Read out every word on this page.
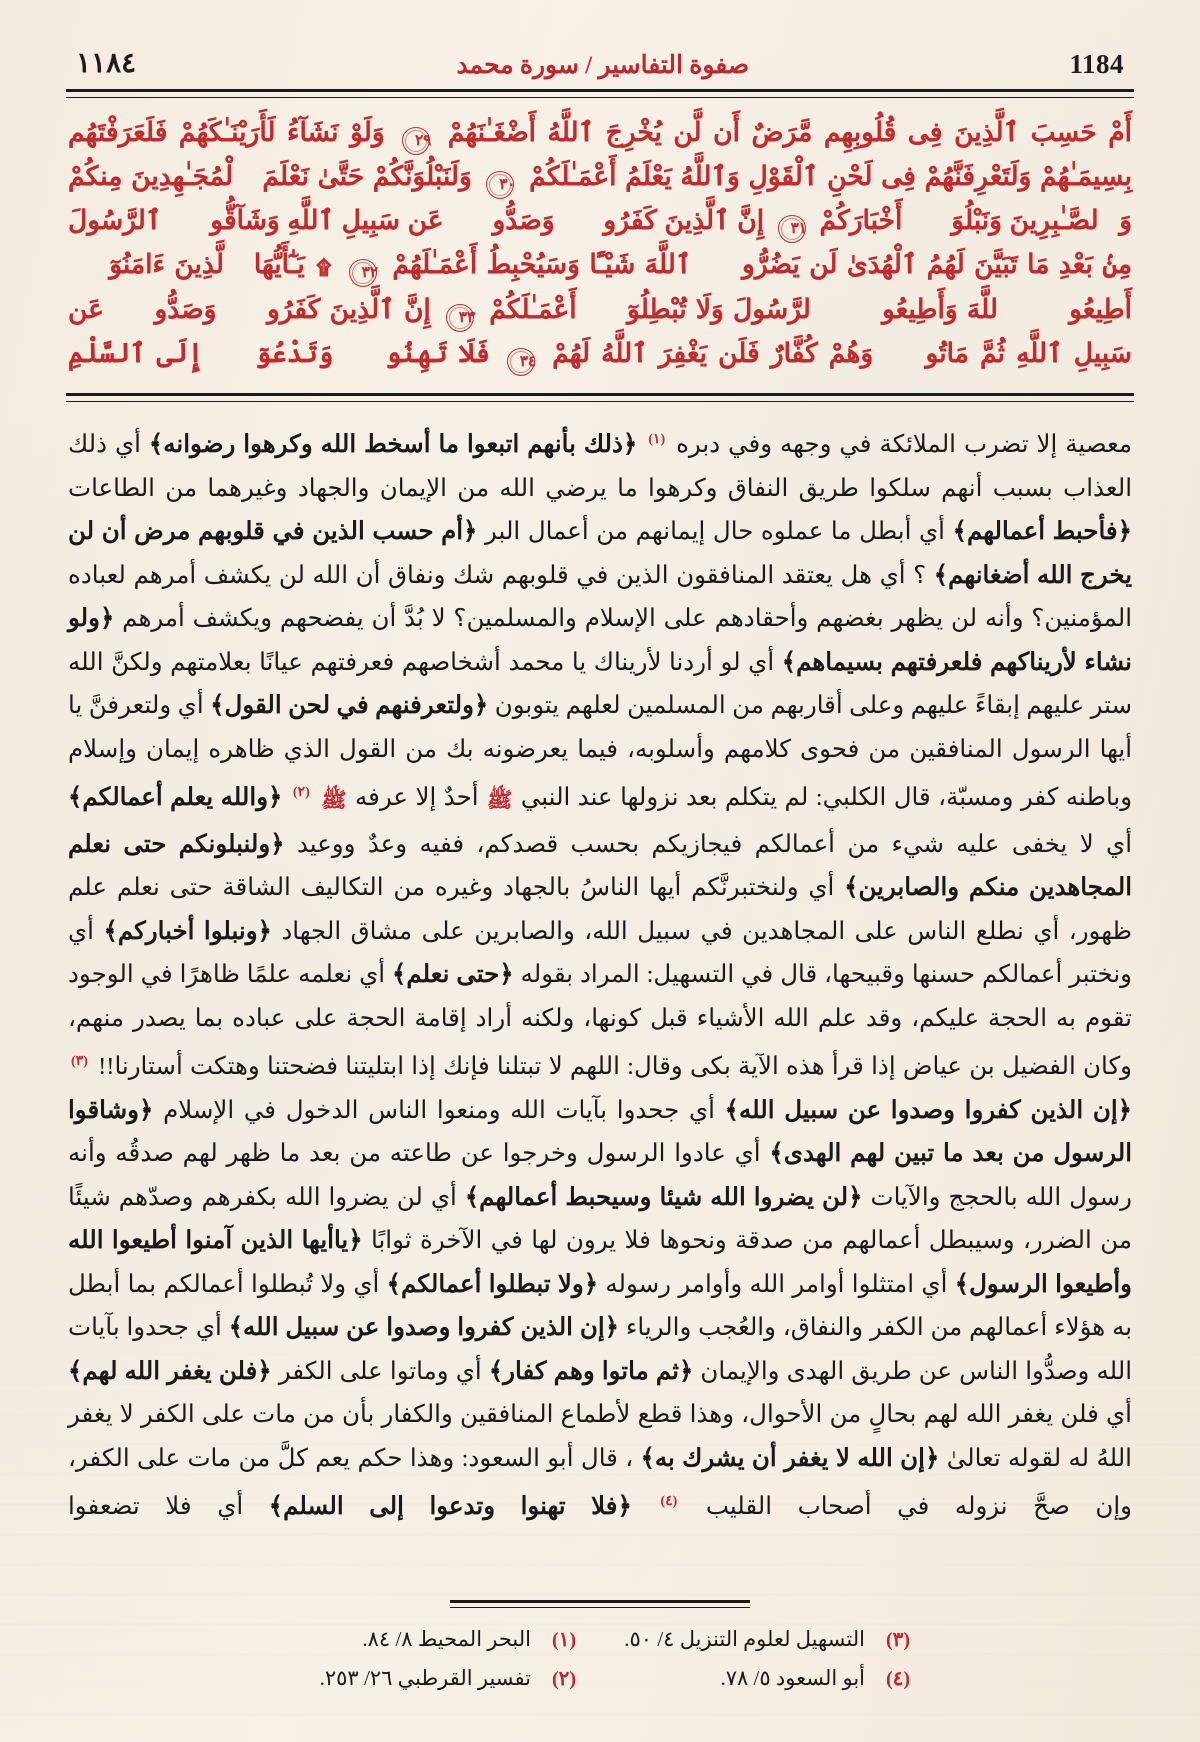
1184
صفوة التفاسير / سورة محمد
١١٨٤

أَمْ حَسِبَ ٱلَّذِينَ فِى قُلُوبِهِم مَّرَضٌ أَن لَّن يُخْرِجَ ٱللَّهُ أَضْغَـٰنَهُمْ ٢٩ وَلَوْ نَشَآءُ لَأَرَيْنَـٰكَهُمْ فَلَعَرَفْتَهُم بِسِيمَـٰهُمْ وَلَتَعْرِفَنَّهُمْ فِى لَحْنِ ٱلْقَوْلِ وَٱللَّهُ يَعْلَمُ أَعْمَـٰلَكُمْ ٣٠ وَلَنَبْلُوَنَّكُمْ حَتَّىٰ نَعْلَمَ ٱلْمُجَـٰهِدِينَ مِنكُمْ وَٱلصَّـٰبِرِينَ وَنَبْلُوَا۟ أَخْبَارَكُمْ ٣١ إِنَّ ٱلَّذِينَ كَفَرُوا۟ وَصَدُّوا۟ عَن سَبِيلِ ٱللَّهِ وَشَآقُّوا۟ ٱلرَّسُولَ مِنۢ بَعْدِ مَا تَبَيَّنَ لَهُمُ ٱلْهُدَىٰ لَن يَضُرُّوا۟ ٱللَّهَ شَيْـًٔا وَسَيُحْبِطُ أَعْمَـٰلَهُمْ ٣٢ ۩ يَـٰٓأَيُّهَا ٱلَّذِينَ ءَامَنُوٓا۟ أَطِيعُوا۟ ٱللَّهَ وَأَطِيعُوا۟ ٱلرَّسُولَ وَلَا تُبْطِلُوٓا۟ أَعْمَـٰلَكُمْ ٣٣ إِنَّ ٱلَّذِينَ كَفَرُوا۟ وَصَدُّوا۟ عَن سَبِيلِ ٱللَّهِ ثُمَّ مَاتُوا۟ وَهُمْ كُفَّارٌ فَلَن يَغْفِرَ ٱللَّهُ لَهُمْ ٣٤ فَلَا تَهِنُوا۟ وَتَدْعُوٓا۟ إِلَى ٱلسَّلْمِ

معصية إلا تضرب الملائكة في وجهه وفي دبره $^{(١)}$ ﴿ذلك بأنهم اتبعوا ما أسخط الله وكرهوا رضوانه﴾ أي ذلك العذاب بسبب أنهم سلكوا طريق النفاق وكرهوا ما يرضي الله من الإيمان والجهاد وغيرهما من الطاعات ﴿فأحبط أعمالهم﴾ أي أبطل ما عملوه حال إيمانهم من أعمال البر ﴿أم حسب الذين في قلوبهم مرض أن لن يخرج الله أضغانهم﴾ ؟ أي هل يعتقد المنافقون الذين في قلوبهم شك ونفاق أن الله لن يكشف أمرهم لعباده المؤمنين؟ وأنه لن يظهر بغضهم وأحقادهم على الإسلام والمسلمين؟ لا بُدَّ أن يفضحهم ويكشف أمرهم ﴿ولو نشاء لأريناكهم فلعرفتهم بسيماهم﴾ أي لو أردنا لأريناك يا محمد أشخاصهم فعرفتهم عيانًا بعلامتهم ولكنَّ الله ستر عليهم إبقاءً عليهم وعلى أقاربهم من المسلمين لعلهم يتوبون ﴿ولتعرفنهم في لحن القول﴾ أي ولتعرفنَّ يا أيها الرسول المنافقين من فحوى كلامهم وأسلوبه، فيما يعرضونه بك من القول الذي ظاهره إيمان وإسلام وباطنه كفر ومسبّة، قال الكلبي: لم يتكلم بعد نزولها عند النبي ﷺ أحدٌ إلا عرفه ﷺ $^{(٢)}$ ﴿والله يعلم أعمالكم﴾ أي لا يخفى عليه شيء من أعمالكم فيجازيكم بحسب قصدكم، ففيه وعدٌ ووعيد ﴿ولنبلونكم حتى نعلم المجاهدين منكم والصابرين﴾ أي ولنختبرنَّكم أيها الناسُ بالجهاد وغيره من التكاليف الشاقة حتى نعلم علم ظهور، أي نطلع الناس على المجاهدين في سبيل الله، والصابرين على مشاق الجهاد ﴿ونبلوا أخباركم﴾ أي ونختبر أعمالكم حسنها وقبيحها، قال في التسهيل: المراد بقوله ﴿حتى نعلم﴾ أي نعلمه علمًا ظاهرًا في الوجود تقوم به الحجة عليكم، وقد علم الله الأشياء قبل كونها، ولكنه أراد إقامة الحجة على عباده بما يصدر منهم، وكان الفضيل بن عياض إذا قرأ هذه الآية بكى وقال: اللهم لا تبتلنا فإنك إذا ابتليتنا فضحتنا وهتكت أستارنا!! $^{(٣)}$ ﴿إن الذين كفروا وصدوا عن سبيل الله﴾ أي جحدوا بآيات الله ومنعوا الناس الدخول في الإسلام ﴿وشاقوا الرسول من بعد ما تبين لهم الهدى﴾ أي عادوا الرسول وخرجوا عن طاعته من بعد ما ظهر لهم صدقُه وأنه رسول الله بالحجج والآيات ﴿لن يضروا الله شيئا وسيحبط أعمالهم﴾ أي لن يضروا الله بكفرهم وصدّهم شيئًا من الضرر، وسيبطل أعمالهم من صدقة ونحوها فلا يرون لها في الآخرة ثوابًا ﴿ياأيها الذين آمنوا أطيعوا الله وأطيعوا الرسول﴾ أي امتثلوا أوامر الله وأوامر رسوله ﴿ولا تبطلوا أعمالكم﴾ أي ولا تُبطلوا أعمالكم بما أبطل به هؤلاء أعمالهم من الكفر والنفاق، والعُجب والرياء ﴿إن الذين كفروا وصدوا عن سبيل الله﴾ أي جحدوا بآيات الله وصدُّوا الناس عن طريق الهدى والإيمان ﴿ثم ماتوا وهم كفار﴾ أي وماتوا على الكفر ﴿فلن يغفر الله لهم﴾ أي فلن يغفر الله لهم بحالٍ من الأحوال، وهذا قطع لأطماع المنافقين والكفار بأن من مات على الكفر لا يغفر اللهُ له لقوله تعالىٰ ﴿إن الله لا يغفر أن يشرك به﴾ ، قال أبو السعود: وهذا حكم يعم كلَّ من مات على الكفر، وإن صحَّ نزوله في أصحاب القليب $^{(٤)}$ ﴿فلا تهنوا وتدعوا إلى السلم﴾ أي فلا تضعفوا

(٣)
التسهيل لعلوم التنزيل ٤/ ٥٠.
(٤)
أبو السعود ٥/ ٧٨.
(١)
البحر المحيط ٨/ ٨٤.
(٢)
تفسير القرطبي ٢٦/ ٢٥٣.
